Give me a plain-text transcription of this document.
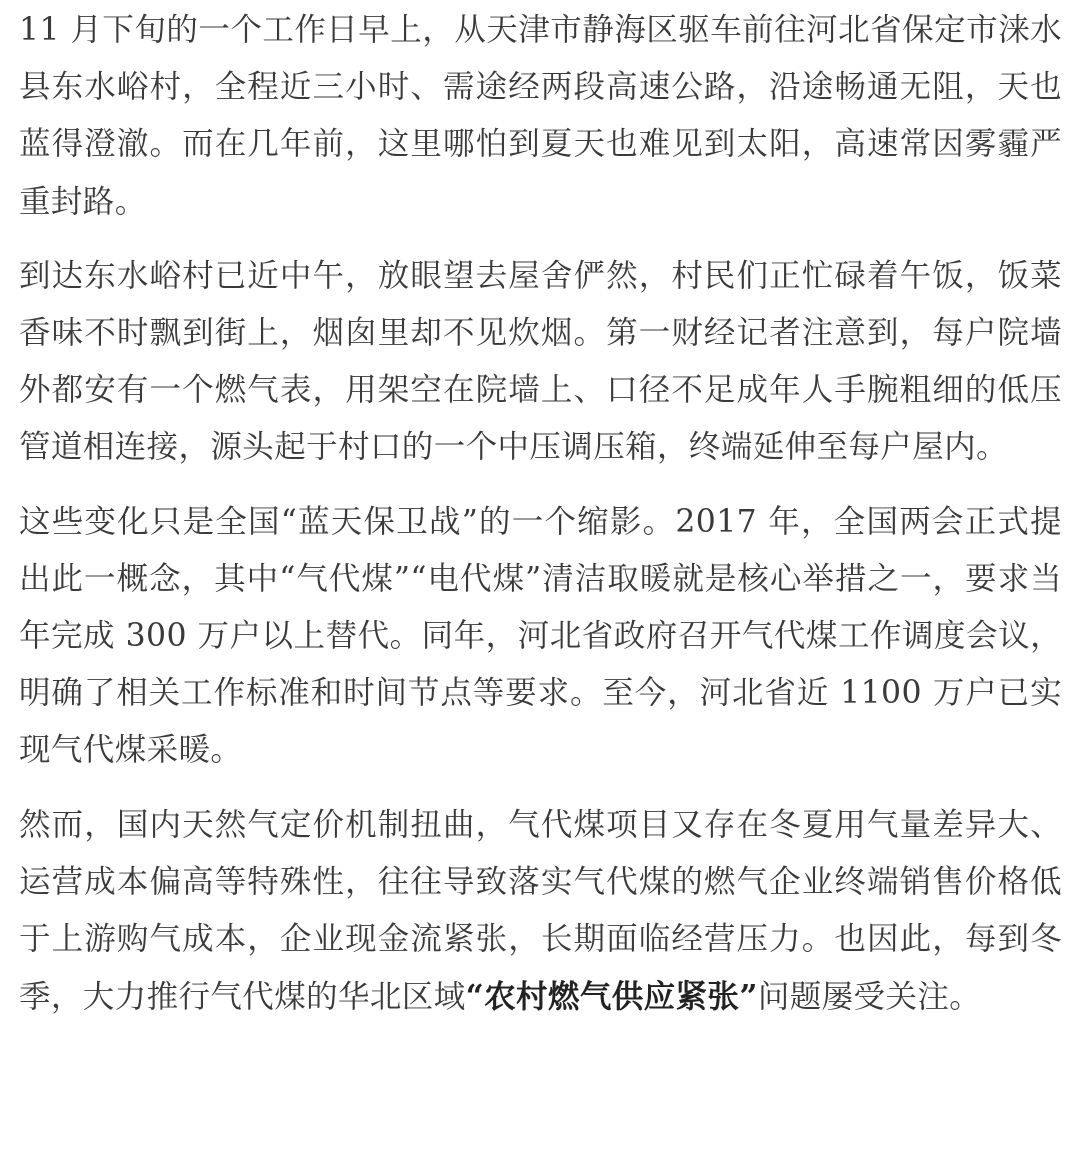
11 月下旬的一个工作日早上，从天津市静海区驱车前往河北省保定市涞水县东水峪村，全程近三小时、需途经两段高速公路，沿途畅通无阻，天也蓝得澄澈。而在几年前，这里哪怕到夏天也难见到太阳，高速常因雾霾严重封路。

到达东水峪村已近中午，放眼望去屋舍俨然，村民们正忙碌着午饭，饭菜香味不时飘到街上，烟囱里却不见炊烟。第一财经记者注意到，每户院墙外都安有一个燃气表，用架空在院墙上、口径不足成年人手腕粗细的低压管道相连接，源头起于村口的一个中压调压箱，终端延伸至每户屋内。

这些变化只是全国“蓝天保卫战”的一个缩影。2017 年，全国两会正式提出此一概念，其中“气代煤”“电代煤”清洁取暖就是核心举措之一，要求当年完成 300 万户以上替代。同年，河北省政府召开气代煤工作调度会议，明确了相关工作标准和时间节点等要求。至今，河北省近 1100 万户已实现气代煤采暖。

然而，国内天然气定价机制扭曲，气代煤项目又存在冬夏用气量差异大、运营成本偏高等特殊性，往往导致落实气代煤的燃气企业终端销售价格低于上游购气成本，企业现金流紧张，长期面临经营压力。也因此，每到冬季，大力推行气代煤的华北区域“农村燃气供应紧张”问题屡受关注。
